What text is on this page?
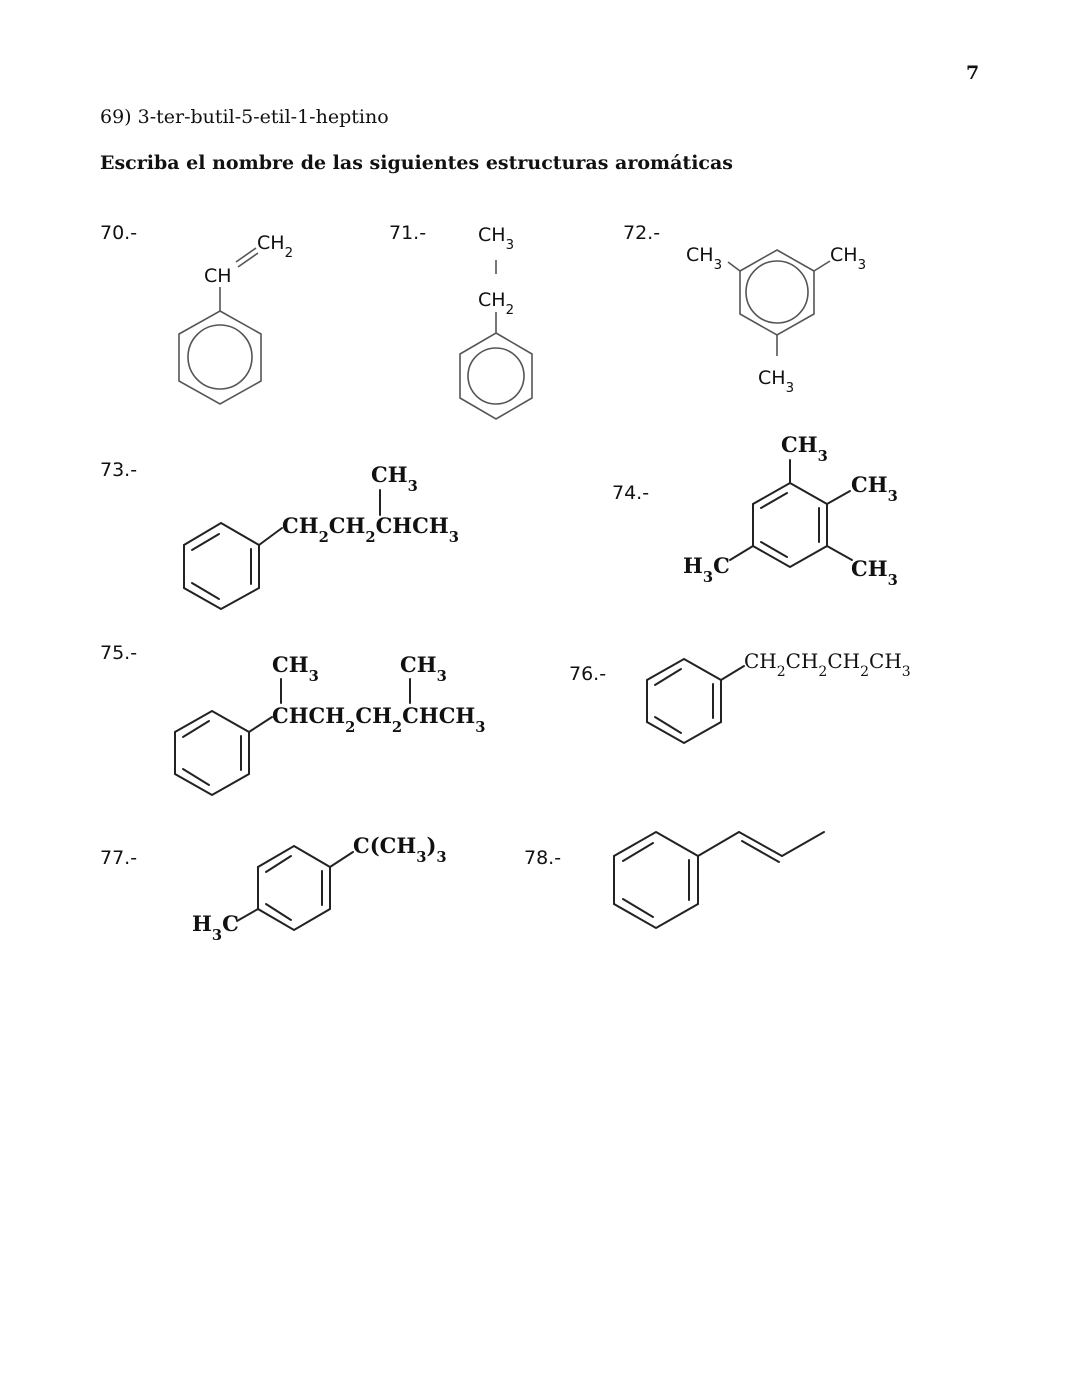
7
69) 3-ter-butil-5-etil-1-heptino
Escriba el nombre de las siguientes estructuras aromáticas
70.-	71.-	72.-
73.-
74.-
75.-
76.-
77.-	78.-
CH
$CH_2$
$CH_3$
$CH_2$
$CH_3$	$CH_3$
$CH_3$
$CH_3$
$CH_2CH_2CHCH_3$
$CH_3$
$CH_3$
$CH_3$
$H_3C$
$CH_3$	$CH_3$
$CHCH_2CH_2CHCH_3$
$CH_2CH_2CH_2CH_3$
$C(CH_3)_3$
$H_3C$
